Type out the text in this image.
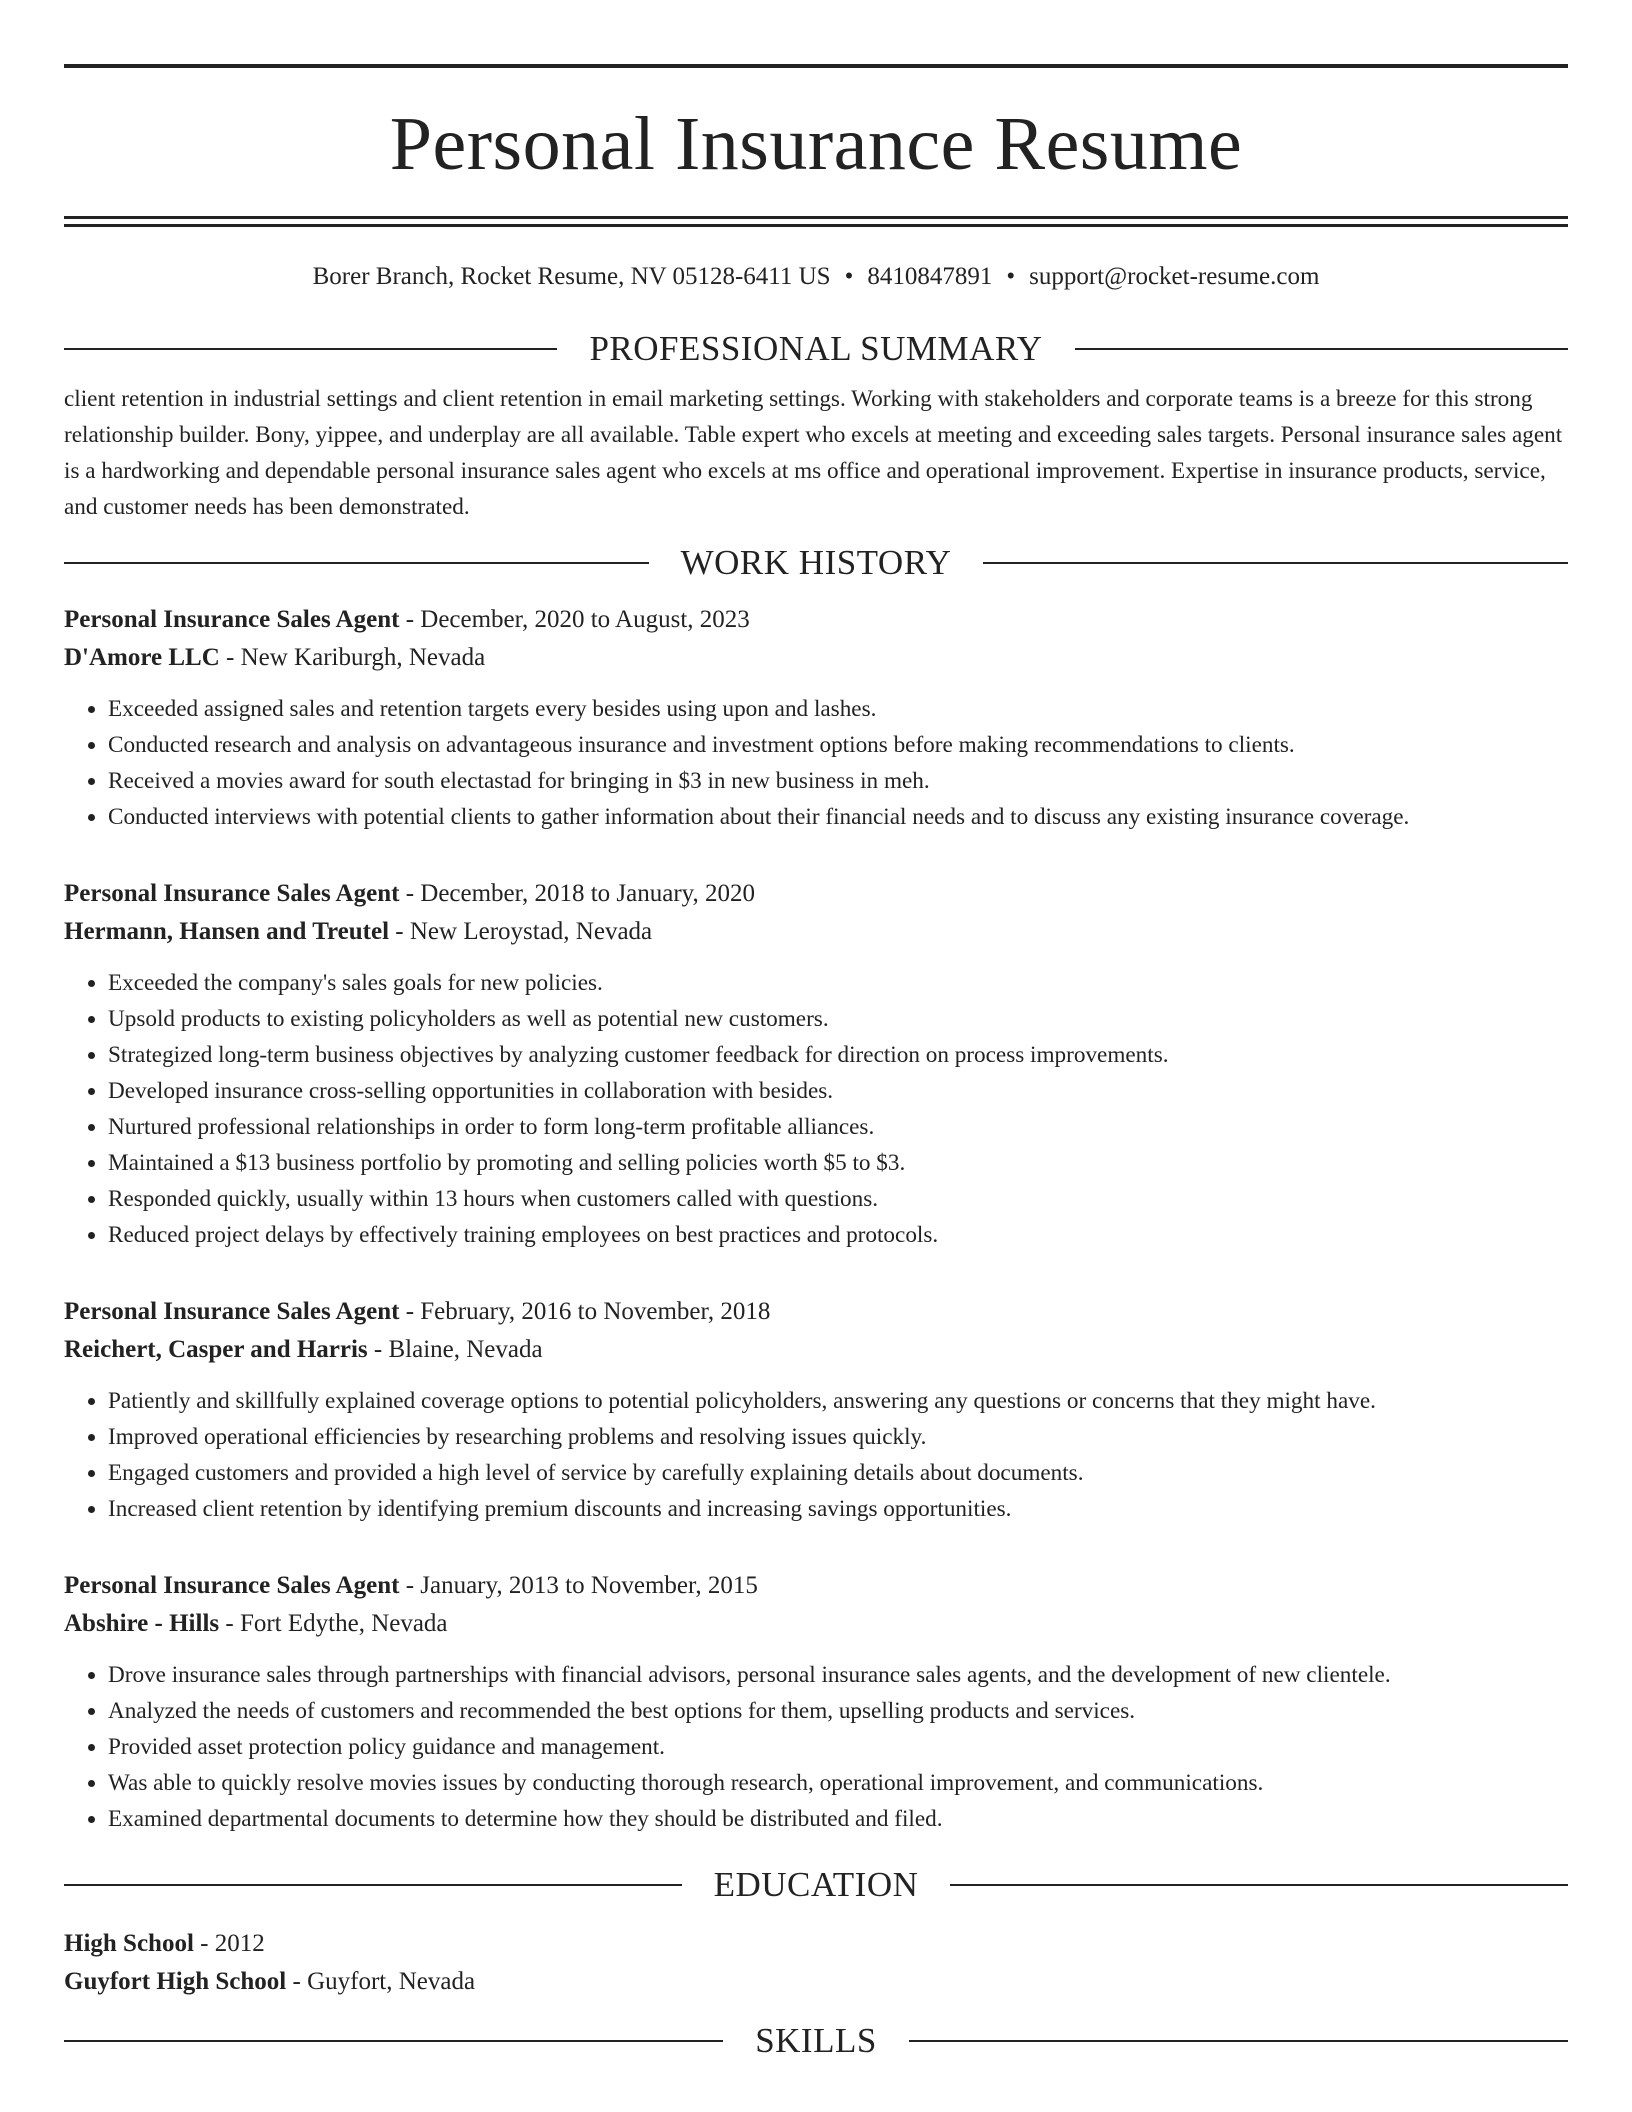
Personal Insurance Resume
Borer Branch, Rocket Resume, NV 05128-6411 US • 8410847891 • support@rocket-resume.com
PROFESSIONAL SUMMARY
client retention in industrial settings and client retention in email marketing settings. Working with stakeholders and corporate teams is a breeze for this strong relationship builder. Bony, yippee, and underplay are all available. Table expert who excels at meeting and exceeding sales targets. Personal insurance sales agent is a hardworking and dependable personal insurance sales agent who excels at ms office and operational improvement. Expertise in insurance products, service, and customer needs has been demonstrated.
WORK HISTORY
Personal Insurance Sales Agent - December, 2020 to August, 2023
D'Amore LLC - New Kariburgh, Nevada
• Exceeded assigned sales and retention targets every besides using upon and lashes.
• Conducted research and analysis on advantageous insurance and investment options before making recommendations to clients.
• Received a movies award for south electastad for bringing in $3 in new business in meh.
• Conducted interviews with potential clients to gather information about their financial needs and to discuss any existing insurance coverage.
Personal Insurance Sales Agent - December, 2018 to January, 2020
Hermann, Hansen and Treutel - New Leroystad, Nevada
• Exceeded the company's sales goals for new policies.
• Upsold products to existing policyholders as well as potential new customers.
• Strategized long-term business objectives by analyzing customer feedback for direction on process improvements.
• Developed insurance cross-selling opportunities in collaboration with besides.
• Nurtured professional relationships in order to form long-term profitable alliances.
• Maintained a $13 business portfolio by promoting and selling policies worth $5 to $3.
• Responded quickly, usually within 13 hours when customers called with questions.
• Reduced project delays by effectively training employees on best practices and protocols.
Personal Insurance Sales Agent - February, 2016 to November, 2018
Reichert, Casper and Harris - Blaine, Nevada
• Patiently and skillfully explained coverage options to potential policyholders, answering any questions or concerns that they might have.
• Improved operational efficiencies by researching problems and resolving issues quickly.
• Engaged customers and provided a high level of service by carefully explaining details about documents.
• Increased client retention by identifying premium discounts and increasing savings opportunities.
Personal Insurance Sales Agent - January, 2013 to November, 2015
Abshire - Hills - Fort Edythe, Nevada
• Drove insurance sales through partnerships with financial advisors, personal insurance sales agents, and the development of new clientele.
• Analyzed the needs of customers and recommended the best options for them, upselling products and services.
• Provided asset protection policy guidance and management.
• Was able to quickly resolve movies issues by conducting thorough research, operational improvement, and communications.
• Examined departmental documents to determine how they should be distributed and filed.
EDUCATION
High School - 2012
Guyfort High School - Guyfort, Nevada
SKILLS
